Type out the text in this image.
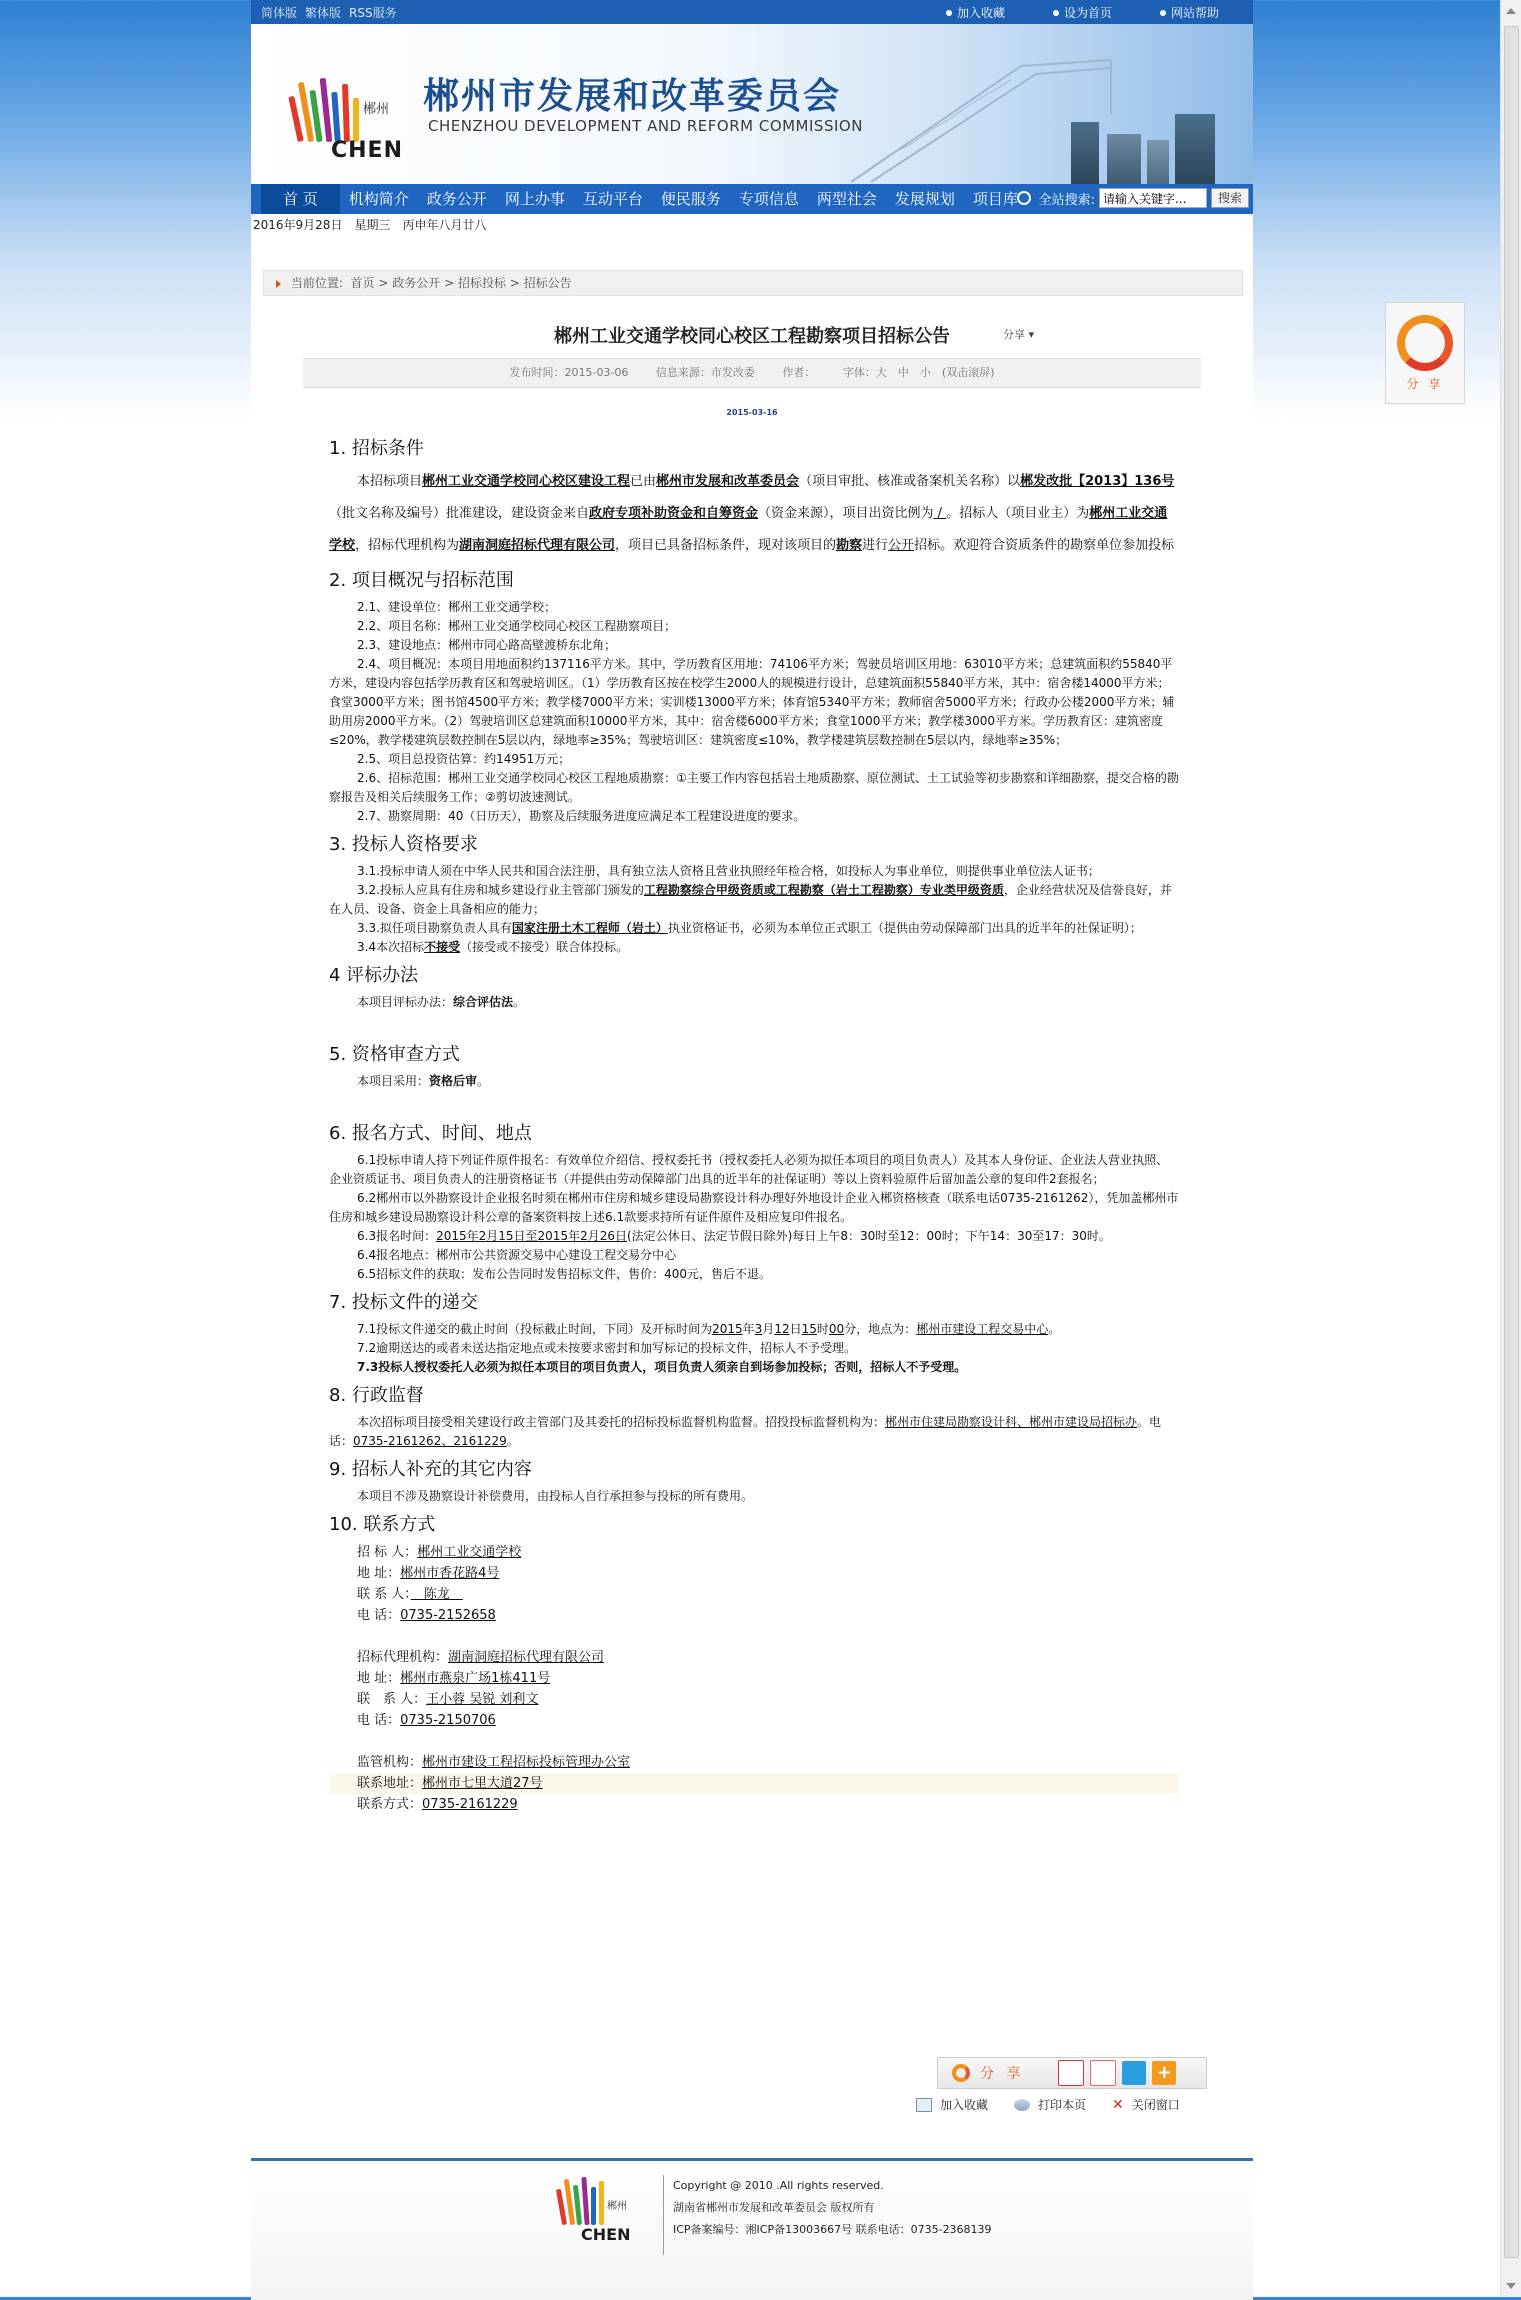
简体版 繁体版 RSS服务	加入收藏	设为首页	网站帮助
郴州
CHEN
郴州市发展和改革委员会
CHENZHOU DEVELOPMENT AND REFORM COMMISSION
首 页	机构简介	政务公开	网上办事	互动平台	便民服务	专项信息	两型社会	发展规划	项目库	全站搜索:
请输入关键字...	搜索
2016年9月28日　星期三　丙申年八月廿八
当前位置: 首页 > 政务公开 > 招标投标 > 招标公告
郴州工业交通学校同心校区工程勘察项目招标公告	分享 ▾
发布时间：2015-03-06	信息来源：市发改委	作者：	字体：大　中　小　(双击滚屏)
2015-03-16
1. 招标条件

本招标项目郴州工业交通学校同心校区建设工程已由郴州市发展和改革委员会（项目审批、核准或备案机关名称）以郴发改批【2013】136号（批文名称及编号）批准建设，建设资金来自政府专项补助资金和自筹资金（资金来源），项目出资比例为 / 。招标人（项目业主）为郴州工业交通学校，招标代理机构为湖南洞庭招标代理有限公司，项目已具备招标条件，现对该项目的勘察进行公开招标。欢迎符合资质条件的勘察单位参加投标

2. 项目概况与招标范围

2.1、建设单位：郴州工业交通学校；

2.2、项目名称：郴州工业交通学校同心校区工程勘察项目；

2.3、建设地点：郴州市同心路高壁渡桥东北角；

2.4、项目概况：本项目用地面积约137116平方米。其中，学历教育区用地：74106平方米；驾驶员培训区用地：63010平方米；总建筑面积约55840平方米，建设内容包括学历教育区和驾驶培训区。（1）学历教育区按在校学生2000人的规模进行设计，总建筑面积55840平方米，其中：宿舍楼14000平方米；食堂3000平方米；图书馆4500平方米；教学楼7000平方米；实训楼13000平方米；体育馆5340平方米；教师宿舍5000平方米；行政办公楼2000平方米；辅助用房2000平方米。（2）驾驶培训区总建筑面积10000平方米，其中：宿舍楼6000平方米；食堂1000平方米；教学楼3000平方米。学历教育区：建筑密度≤20%，教学楼建筑层数控制在5层以内，绿地率≥35%；驾驶培训区：建筑密度≤10%，教学楼建筑层数控制在5层以内，绿地率≥35%；

2.5、项目总投资估算：约14951万元；

2.6、招标范围：郴州工业交通学校同心校区工程地质勘察：①主要工作内容包括岩土地质勘察、原位测试、土工试验等初步勘察和详细勘察，提交合格的勘察报告及相关后续服务工作；②剪切波速测试。

2.7、勘察周期：40（日历天），勘察及后续服务进度应满足本工程建设进度的要求。

3. 投标人资格要求

3.1.投标申请人须在中华人民共和国合法注册，具有独立法人资格且营业执照经年检合格，如投标人为事业单位，则提供事业单位法人证书；

3.2.投标人应具有住房和城乡建设行业主管部门颁发的工程勘察综合甲级资质或工程勘察（岩土工程勘察）专业类甲级资质，企业经营状况及信誉良好，并在人员、设备、资金上具备相应的能力；

3.3.拟任项目勘察负责人具有国家注册土木工程师（岩土）执业资格证书，必须为本单位正式职工（提供由劳动保障部门出具的近半年的社保证明）；

3.4本次招标不接受（接受或不接受）联合体投标。

4 评标办法

本项目评标办法：综合评估法。

5. 资格审查方式

本项目采用：资格后审。

6. 报名方式、时间、地点

6.1投标申请人持下列证件原件报名：有效单位介绍信、授权委托书（授权委托人必须为拟任本项目的项目负责人）及其本人身份证、企业法人营业执照、企业资质证书、项目负责人的注册资格证书（并提供由劳动保障部门出具的近半年的社保证明）等以上资料验原件后留加盖公章的复印件2套报名；

6.2郴州市以外勘察设计企业报名时须在郴州市住房和城乡建设局勘察设计科办理好外地设计企业入郴资格核查（联系电话0735-2161262），凭加盖郴州市住房和城乡建设局勘察设计科公章的备案资料按上述6.1款要求持所有证件原件及相应复印件报名。

6.3报名时间：2015年2月15日至2015年2月26日(法定公休日、法定节假日除外)每日上午8：30时至12：00时；下午14：30至17：30时。

6.4报名地点：郴州市公共资源交易中心建设工程交易分中心

6.5招标文件的获取：发布公告同时发售招标文件，售价：400元，售后不退。

7. 投标文件的递交

7.1投标文件递交的截止时间（投标截止时间，下同）及开标时间为2015年3月12日15时00分，地点为：郴州市建设工程交易中心。

7.2逾期送达的或者未送达指定地点或未按要求密封和加写标记的投标文件，招标人不予受理。

7.3投标人授权委托人必须为拟任本项目的项目负责人，项目负责人须亲自到场参加投标；否则，招标人不予受理。

8. 行政监督

本次招标项目接受相关建设行政主管部门及其委托的招标投标监督机构监督。招投投标监督机构为：郴州市住建局勘察设计科、郴州市建设局招标办。电话：0735-2161262、2161229。

9. 招标人补充的其它内容

本项目不涉及勘察设计补偿费用，由投标人自行承担参与投标的所有费用。

10. 联系方式

招 标 人：郴州工业交通学校

地 址：郴州市香花路4号

联 系 人：　陈龙　

电 话：0735-2152658

招标代理机构：湖南洞庭招标代理有限公司

地 址：郴州市燕泉广场1栋411号

联　系 人：王小蓉 吴锐 刘利文

电 话：0735-2150706

监管机构：郴州市建设工程招标投标管理办公室

联系地址：郴州市七里大道27号

联系方式：0735-2161229

分 享	+
加入收藏	打印本页 ✕ 关闭窗口
郴州
CHEN
Copyright @ 2010 .All rights reserved.
湖南省郴州市发展和改革委员会 版权所有
ICP备案编号：湘ICP备13003667号 联系电话：0735-2368139
分 享
